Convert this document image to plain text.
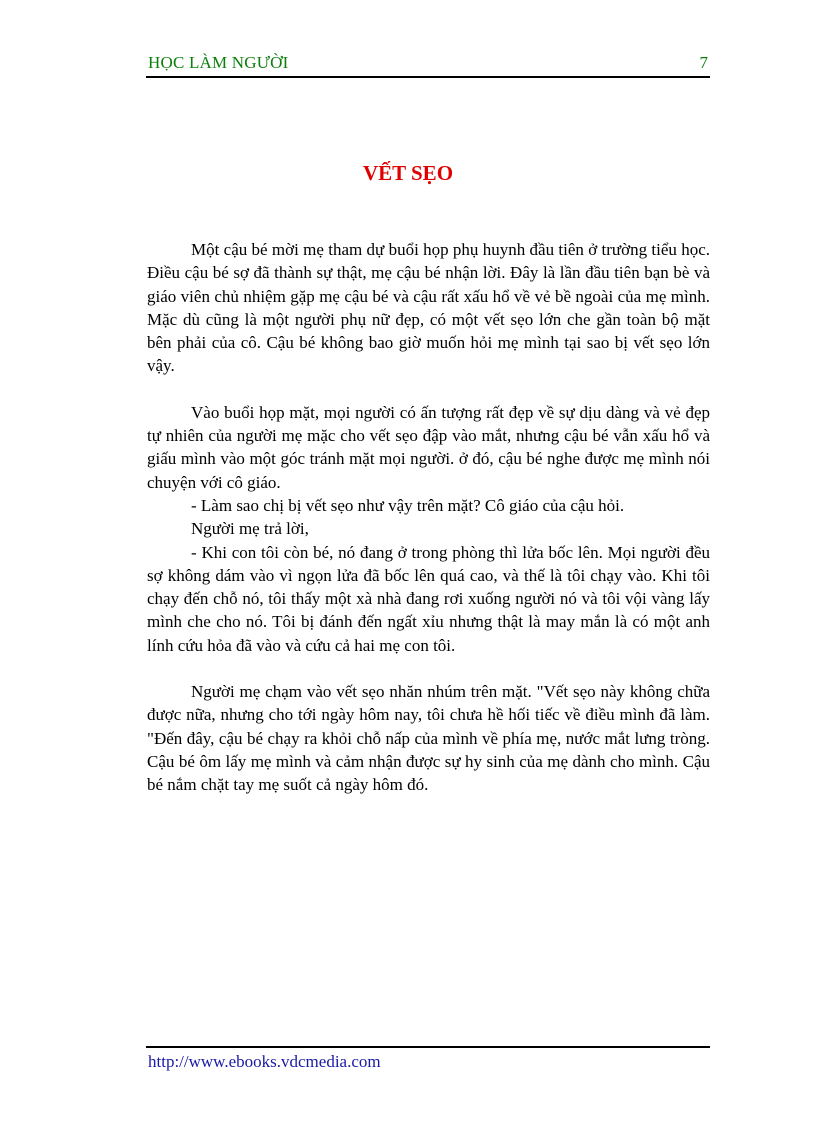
HỌC LÀM NGƯỜI	7
VẾT SẸO

Một cậu bé mời mẹ tham dự buổi họp phụ huynh đầu tiên ở trường tiểu học. Điều cậu bé sợ đã thành sự thật, mẹ cậu bé nhận lời. Đây là lần đầu tiên bạn bè và giáo viên chủ nhiệm gặp mẹ cậu bé và cậu rất xấu hổ về vẻ bề ngoài của mẹ mình. Mặc dù cũng là một người phụ nữ đẹp, có một vết sẹo lớn che gần toàn bộ mặt bên phải của cô. Cậu bé không bao giờ muốn hỏi mẹ mình tại sao bị vết sẹo lớn vậy.

Vào buổi họp mặt, mọi người có ấn tượng rất đẹp về sự dịu dàng và vẻ đẹp tự nhiên của người mẹ mặc cho vết sẹo đập vào mắt, nhưng cậu bé vẫn xấu hổ và giấu mình vào một góc tránh mặt mọi người. ở đó, cậu bé nghe được mẹ mình nói chuyện với cô giáo.

- Làm sao chị bị vết sẹo như vậy trên mặt? Cô giáo của cậu hỏi.

Người mẹ trả lời,

- Khi con tôi còn bé, nó đang ở trong phòng thì lửa bốc lên. Mọi người đều sợ không dám vào vì ngọn lửa đã bốc lên quá cao, và thế là tôi chạy vào. Khi tôi chạy đến chỗ nó, tôi thấy một xà nhà đang rơi xuống người nó và tôi vội vàng lấy mình che cho nó. Tôi bị đánh đến ngất xỉu nhưng thật là may mắn là có một anh lính cứu hỏa đã vào và cứu cả hai mẹ con tôi.

Người mẹ chạm vào vết sẹo nhăn nhúm trên mặt. "Vết sẹo này không chữa được nữa, nhưng cho tới ngày hôm nay, tôi chưa hề hối tiếc về điều mình đã làm. "Đến đây, cậu bé chạy ra khỏi chỗ nấp của mình về phía mẹ, nước mắt lưng tròng. Cậu bé ôm lấy mẹ mình và cảm nhận được sự hy sinh của mẹ dành cho mình. Cậu bé nắm chặt tay mẹ suốt cả ngày hôm đó.

http://www.ebooks.vdcmedia.com
